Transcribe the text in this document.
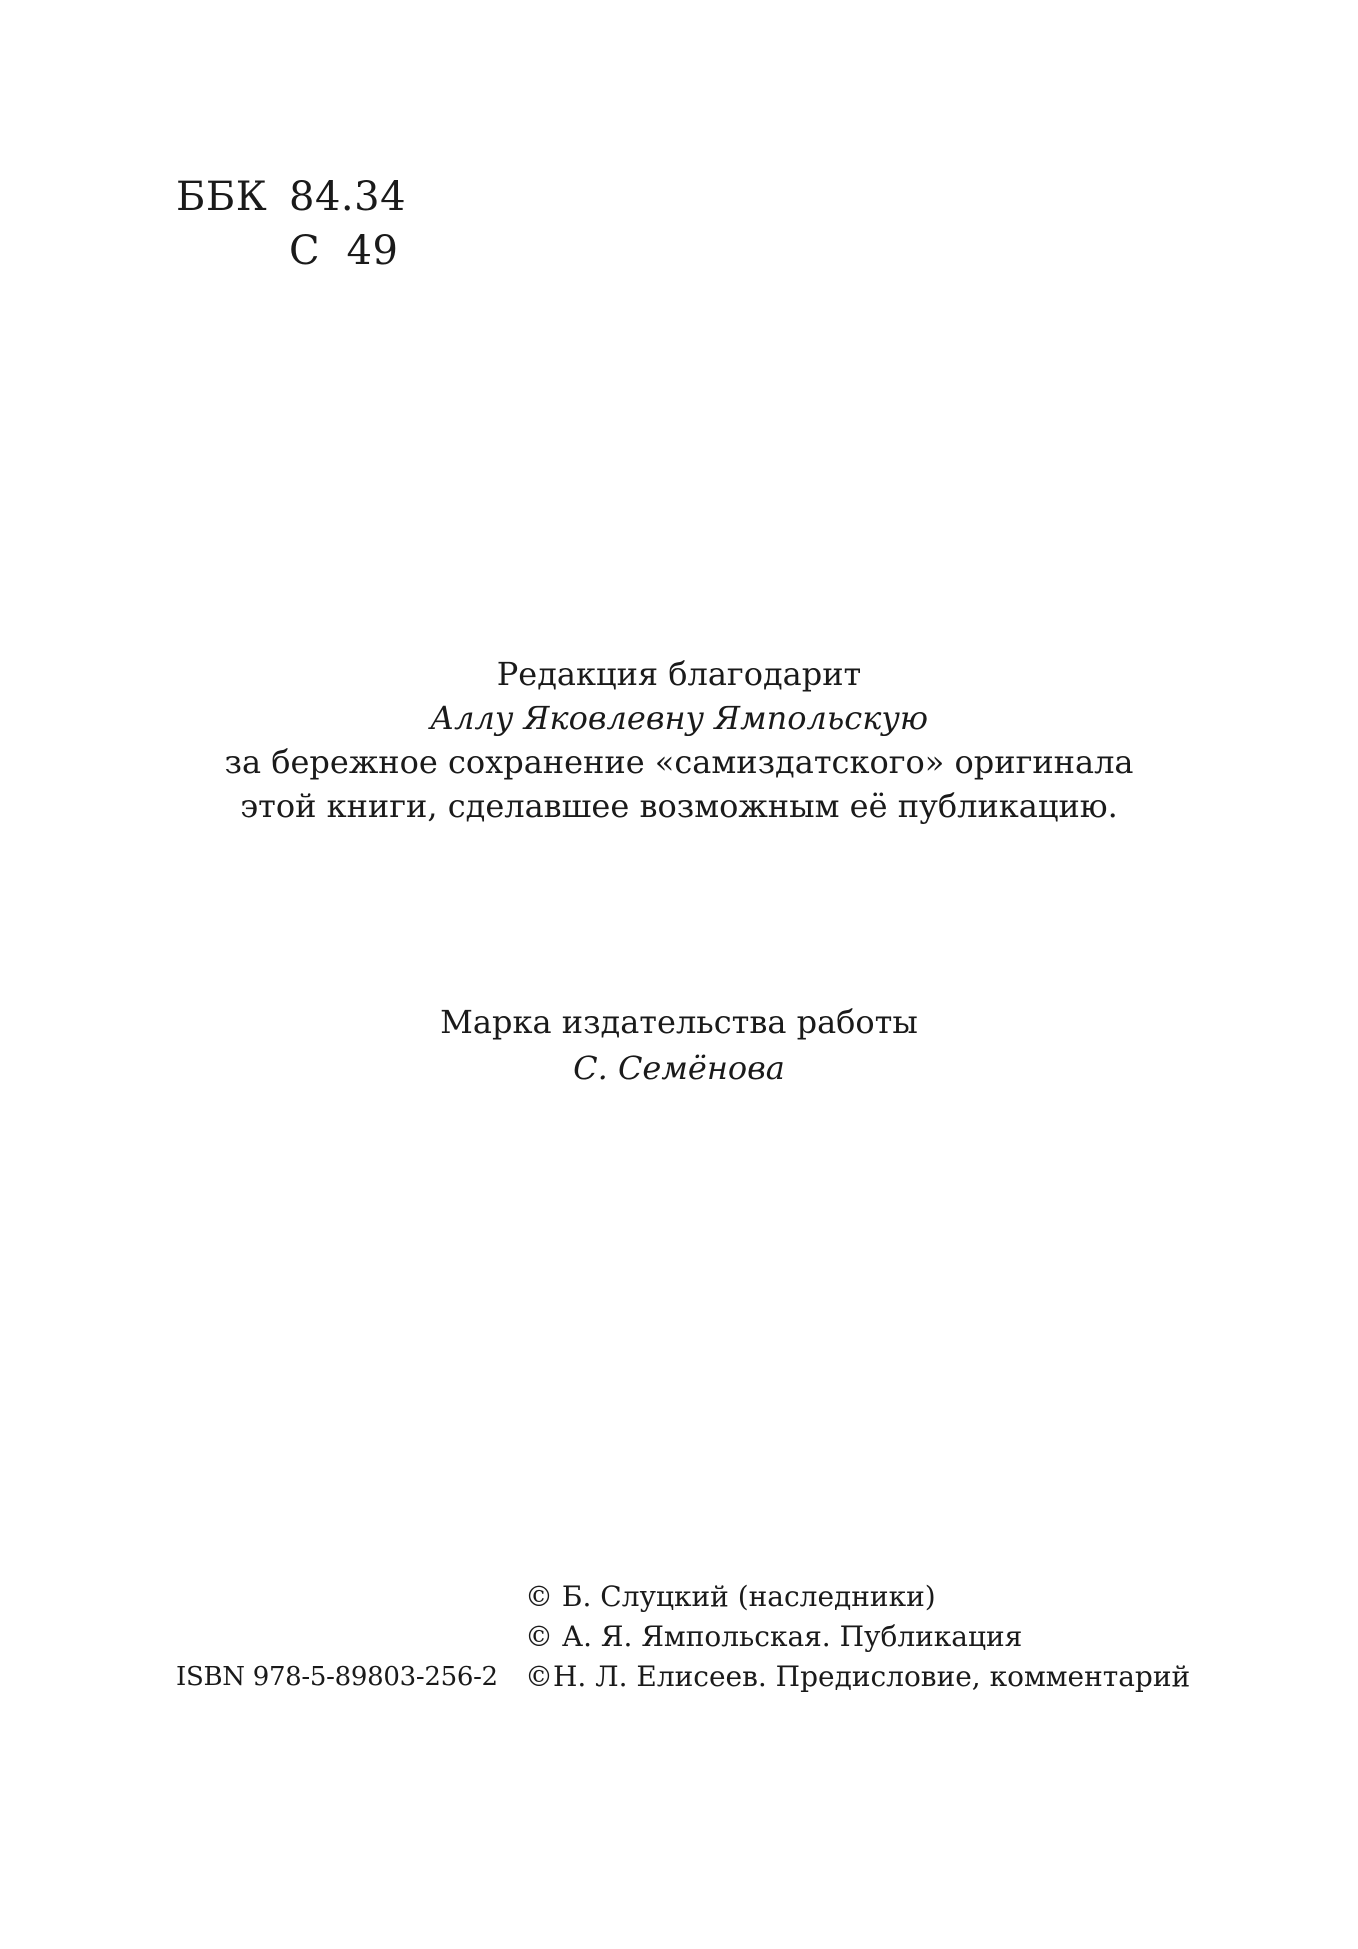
ББК 84.34
С 49
Редакция благодарит
Аллу Яковлевну Ямпольскую
за бережное сохранение «самиздатского» оригинала
этой книги, сделавшее возможным её публикацию.
Марка издательства работы
С. Семёнова
© Б. Слуцкий (наследники)
© А. Я. Ямпольская. Публикация
©Н. Л. Елисеев. Предисловие, комментарий
ISBN 978-5-89803-256-2
